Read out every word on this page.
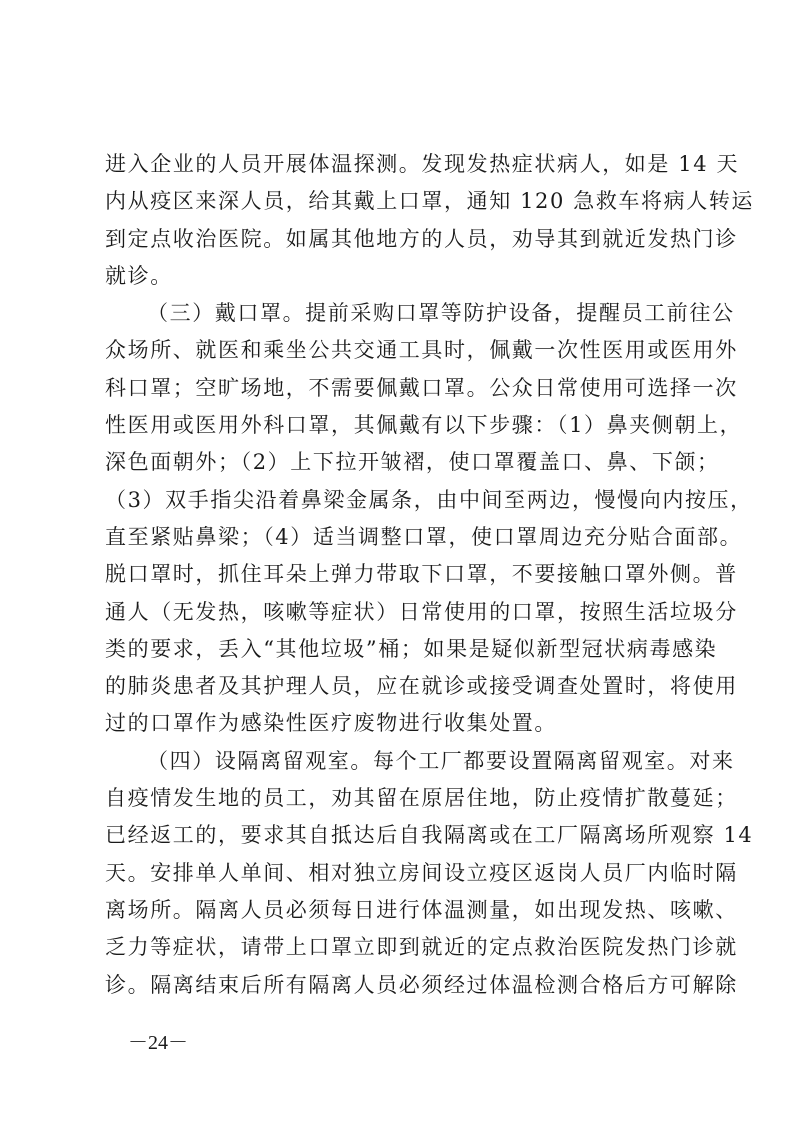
进入企业的人员开展体温探测。发现发热症状病人，如是 14 天
内从疫区来深人员，给其戴上口罩，通知 120 急救车将病人转运
到定点收治医院。如属其他地方的人员，劝导其到就近发热门诊
就诊。
（三）戴口罩。提前采购口罩等防护设备，提醒员工前往公
众场所、就医和乘坐公共交通工具时，佩戴一次性医用或医用外
科口罩；空旷场地，不需要佩戴口罩。公众日常使用可选择一次
性医用或医用外科口罩，其佩戴有以下步骤：（1）鼻夹侧朝上，
深色面朝外；（2）上下拉开皱褶，使口罩覆盖口、鼻、下颌；
（3）双手指尖沿着鼻梁金属条，由中间至两边，慢慢向内按压，
直至紧贴鼻梁；（4）适当调整口罩，使口罩周边充分贴合面部。
脱口罩时，抓住耳朵上弹力带取下口罩，不要接触口罩外侧。普
通人（无发热，咳嗽等症状）日常使用的口罩，按照生活垃圾分
类的要求，丢入“其他垃圾”桶；如果是疑似新型冠状病毒感染
的肺炎患者及其护理人员，应在就诊或接受调查处置时，将使用
过的口罩作为感染性医疗废物进行收集处置。
（四）设隔离留观室。每个工厂都要设置隔离留观室。对来
自疫情发生地的员工，劝其留在原居住地，防止疫情扩散蔓延；
已经返工的，要求其自抵达后自我隔离或在工厂隔离场所观察 14
天。安排单人单间、相对独立房间设立疫区返岗人员厂内临时隔
离场所。隔离人员必须每日进行体温测量，如出现发热、咳嗽、
乏力等症状，请带上口罩立即到就近的定点救治医院发热门诊就
诊。隔离结束后所有隔离人员必须经过体温检测合格后方可解除
－24－
